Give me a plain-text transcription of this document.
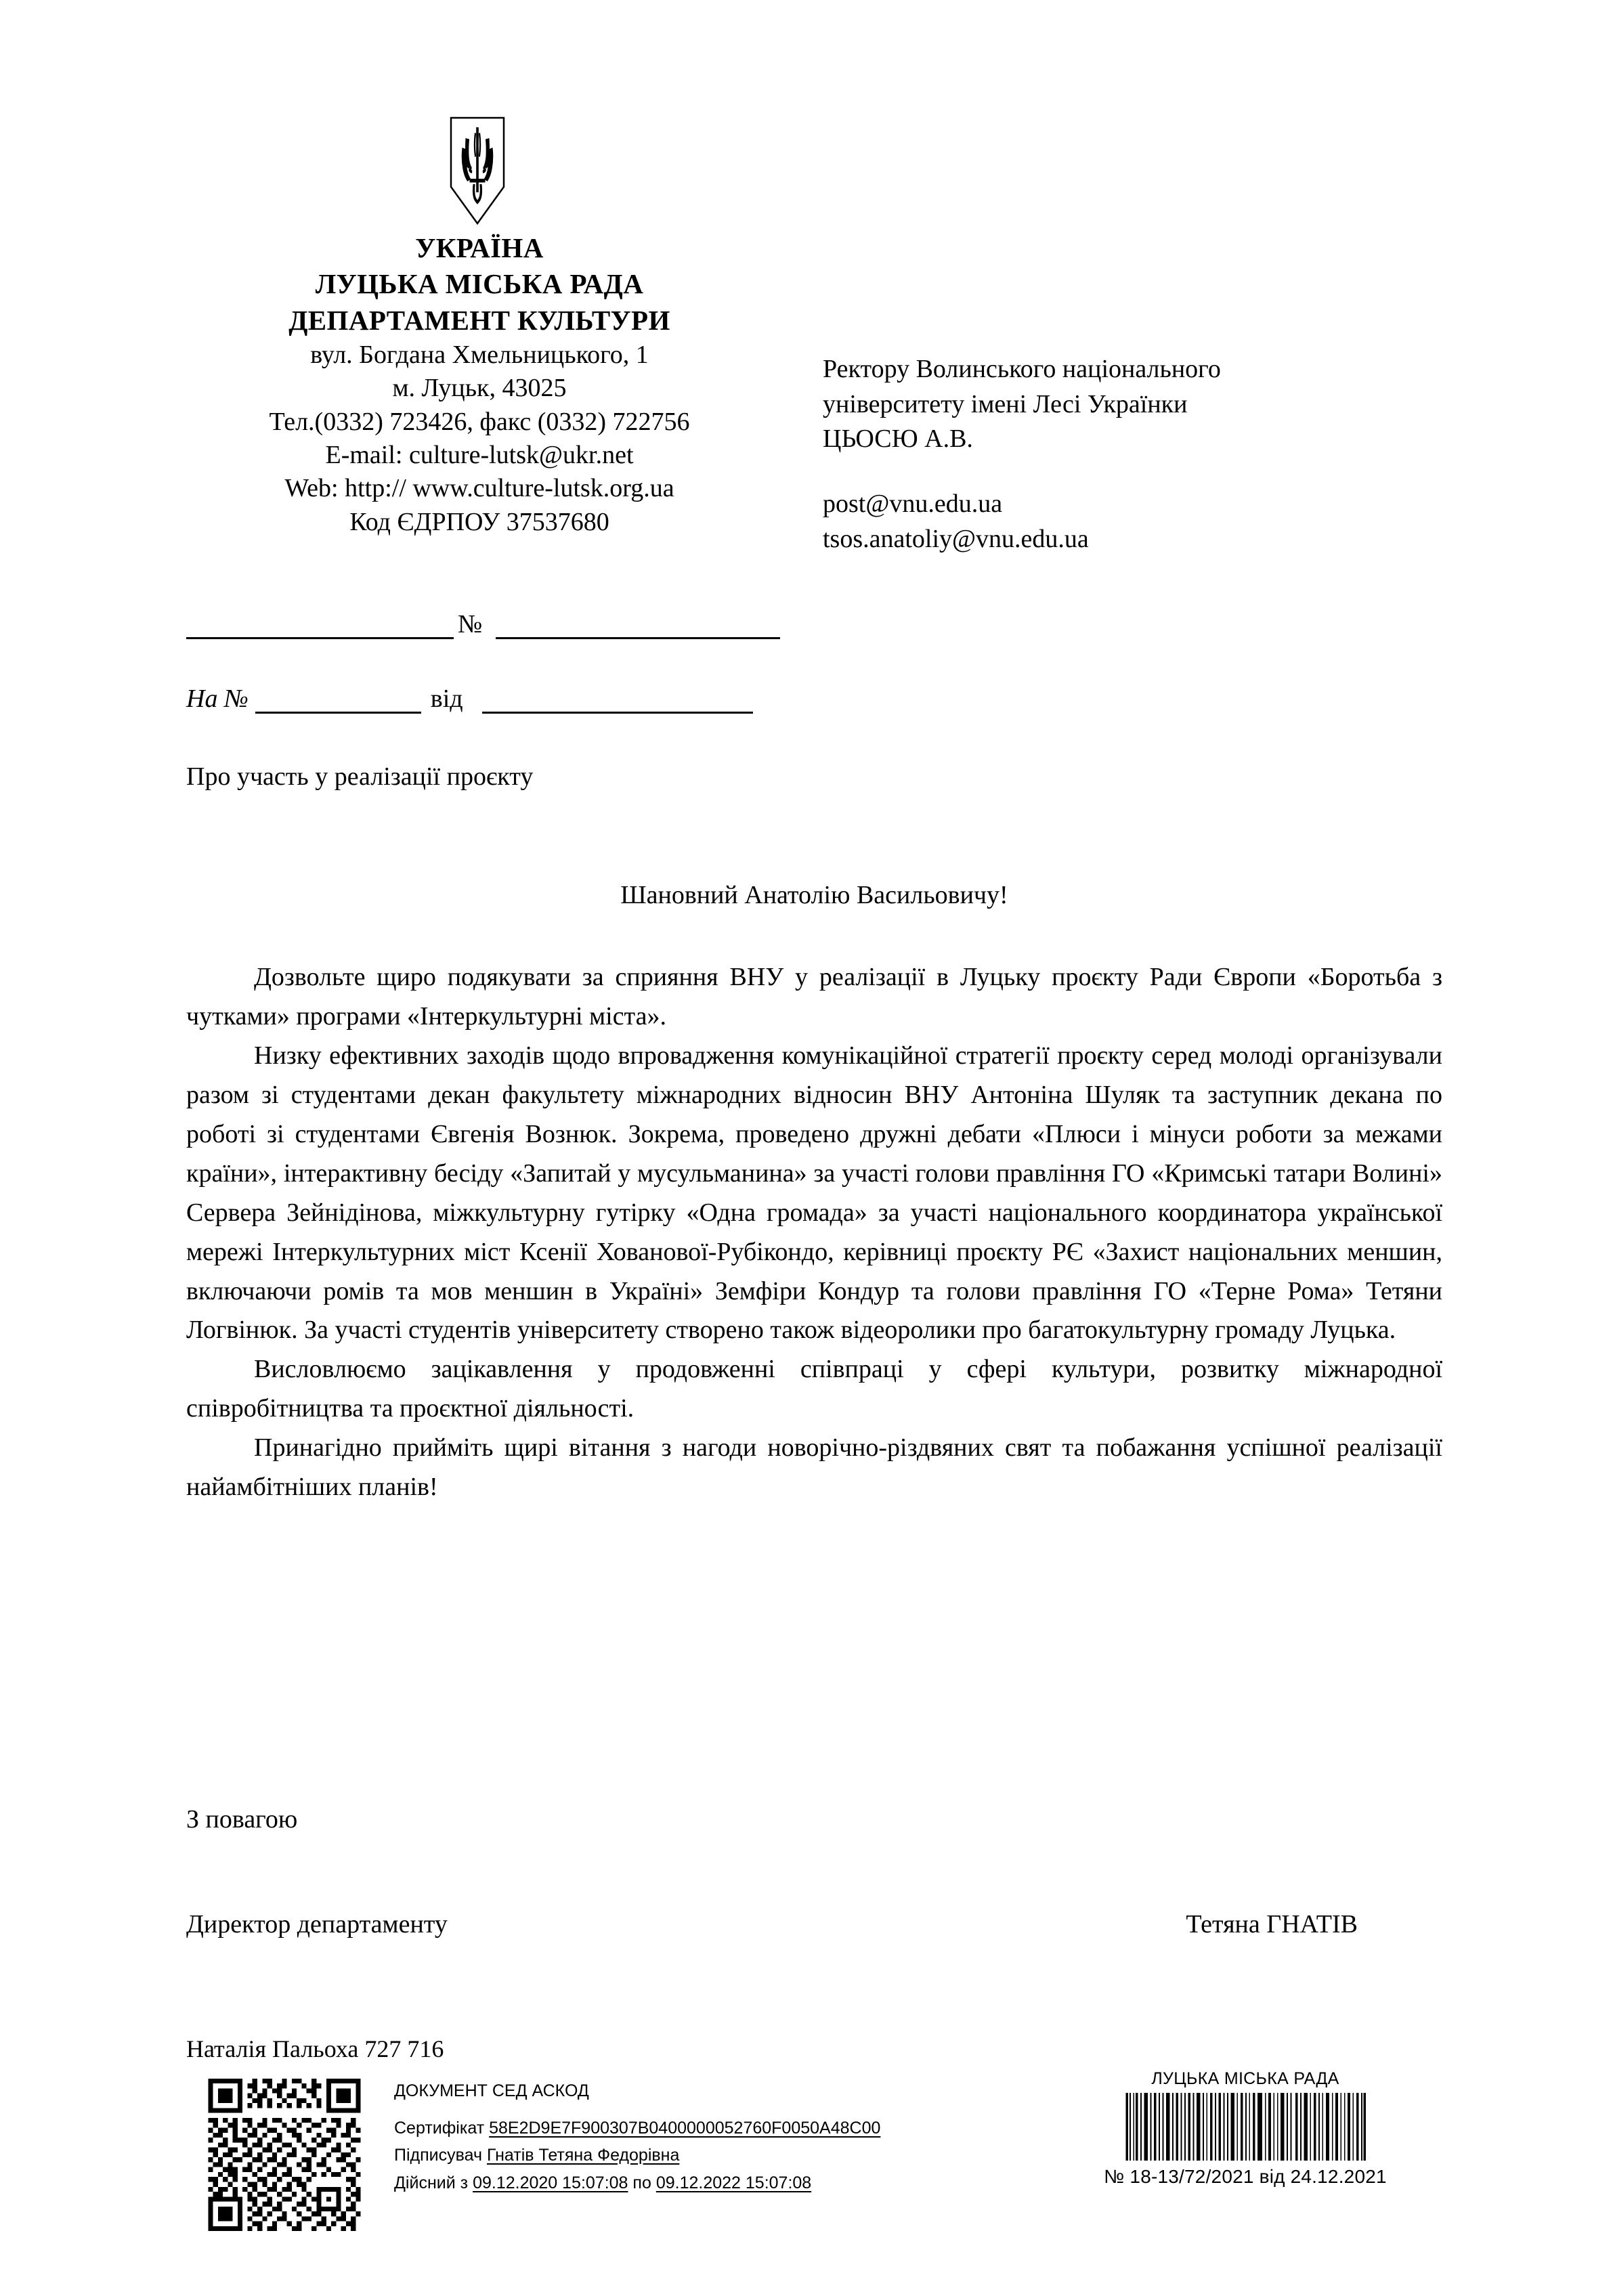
УКРАЇНА
ЛУЦЬКА МІСЬКА РАДА
ДЕПАРТАМЕНТ КУЛЬТУРИ
вул. Богдана Хмельницького, 1
м. Луцьк, 43025
Тел.(0332) 723426, факс (0332) 722756
E-mail: culture-lutsk@ukr.net
Web: http:// www.culture-lutsk.org.ua
Код ЄДРПОУ 37537680
Ректору Волинського національного
університету імені Лесі Українки
ЦЬОСЮ А.В.
post@vnu.edu.ua
tsos.anatoliy@vnu.edu.ua
№
На №	від
Про участь у реалізації проєкту
Шановний Анатолію Васильовичу!

Дозвольте щиро подякувати за сприяння ВНУ у реалізації в Луцьку проєкту Ради Європи «Боротьба з чутками» програми «Інтеркультурні міста».

Низку ефективних заходів щодо впровадження комунікаційної стратегії проєкту серед молоді організували разом зі студентами декан факультету міжнародних відносин ВНУ Антоніна Шуляк та заступник декана по роботі зі студентами Євгенія Вознюк. Зокрема, проведено дружні дебати «Плюси і мінуси роботи за межами країни», інтерактивну бесіду «Запитай у мусульманина» за участі голови правління ГО «Кримські татари Волині» Сервера Зейнідінова, міжкультурну гутірку «Одна громада» за участі національного координатора української мережі Інтеркультурних міст Ксенії Хованової-Рубікондо, керівниці проєкту РЄ «Захист національних меншин, включаючи ромів та мов меншин в Україні» Земфіри Кондур та голови правління ГО «Терне Рома» Тетяни Логвінюк. За участі студентів університету створено також відеоролики про багатокультурну громаду Луцька.

Висловлюємо зацікавлення у продовженні співпраці у сфері культури, розвитку міжнародної співробітництва та проєктної діяльності.

Принагідно прийміть щирі вітання з нагоди новорічно-різдвяних свят та побажання успішної реалізації найамбітніших планів!

З повагою
Директор департаменту	Тетяна ГНАТІВ
Наталія Пальоха 727 716
ДОКУМЕНТ СЕД АСКОД
Сертифікат 58E2D9E7F900307B0400000052760F0050A48C00
Підписувач Гнатів Тетяна Федорівна
Дійсний з 09.12.2020 15:07:08 по 09.12.2022 15:07:08
ЛУЦЬКА МІСЬКА РАДА
№ 18-13/72/2021 від 24.12.2021
